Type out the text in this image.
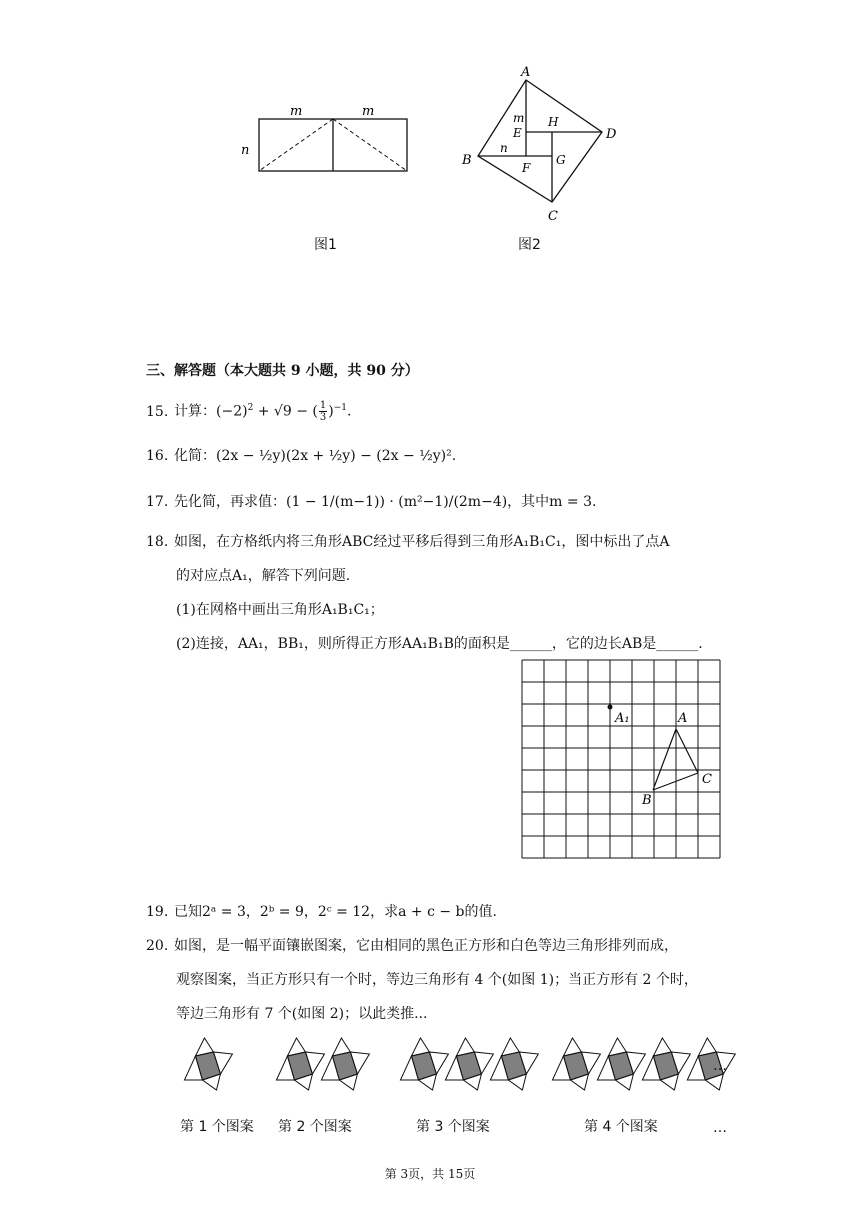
m	m
n
图1
A
D
C
B
m
E
H
n
F
G
图2
三、解答题（本大题共 9 小题，共 90 分）
15. 计算：$(-2)^2 + √9$ − ( $\frac{1}{3} )^{-1}$.
16. 化简：(2x − ½y)(2x + ½y) − (2x − ½y)².
17. 先化简，再求值：(1 − 1/(m−1)) · (m²−1)/(2m−4)，其中m = 3.
18. 如图，在方格纸内将三角形ABC经过平移后得到三角形A₁B₁C₁，图中标出了点A
的对应点A₁，解答下列问题.
(1)在网格中画出三角形A₁B₁C₁；
(2)连接，AA₁，BB₁，则所得正方形AA₁B₁B的面积是______，它的边长AB是______.
A₁	A
C
B
19. 已知2ᵃ = 3，2ᵇ = 9，2ᶜ = 12，求a + c − b的值.
20. 如图，是一幅平面镶嵌图案，它由相同的黑色正方形和白色等边三角形排列而成，
观察图案，当正方形只有一个时，等边三角形有 4 个(如图 1)；当正方形有 2 个时，
等边三角形有 7 个(如图 2)；以此类推...
…
第 1 个图案 第 2 个图案	第 3 个图案	第 4 个图案	…
第 3页，共 15页
